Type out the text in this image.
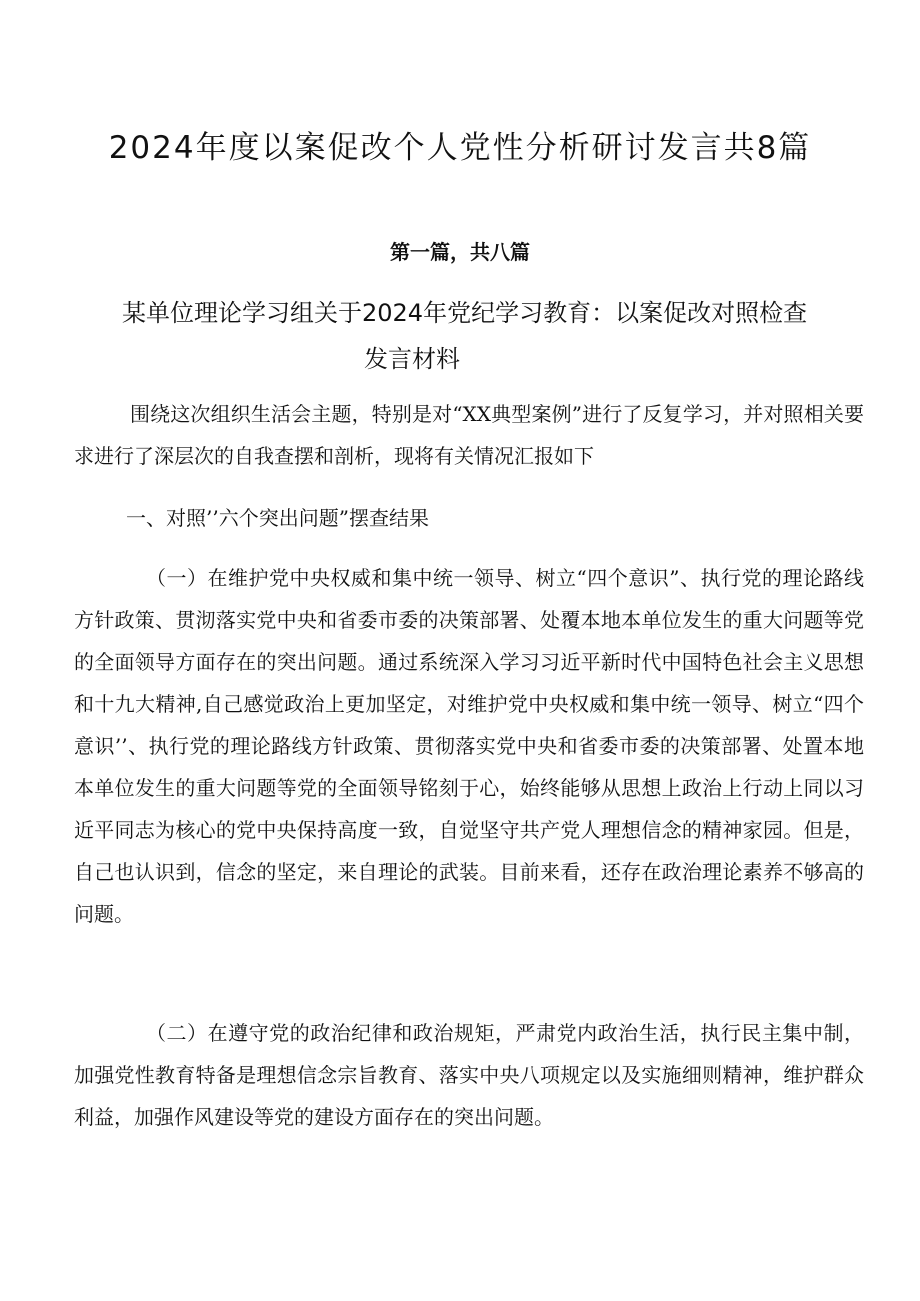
2024年度以案促改个人党性分析研讨发言共8篇
第一篇，共八篇
某单位理论学习组关于2024年党纪学习教育：以案促改对照检查
发言材料

围绕这次组织生活会主题，特别是对“XX典型案例”进行了反复学习，并对照相关要求进行了深层次的自我查摆和剖析，现将有关情况汇报如下

一、对照’’六个突出问题”摆查结果

（一）在维护党中央权威和集中统一领导、树立“四个意识”、执行党的理论路线方针政策、贯沏落实党中央和省委市委的决策部署、处覆本地本单位发生的重大问题等党的全面领导方面存在的突出问题。通过系统深入学习习近平新时代中国特色社会主义思想和十九大精神,自己感觉政治上更加坚定，对维护党中央权威和集中统一领导、树立“四个意识’’、执行党的理论路线方针政策、贯彻落实党中央和省委市委的决策部署、处置本地本单位发生的重大问题等党的全面领导铭刻于心，始终能够从思想上政治上行动上同以习近平同志为核心的党中央保持高度一致，自觉坚守共产党人理想信念的精神家园。但是，自己也认识到，信念的坚定，来自理论的武装。目前来看，还存在政治理论素养不够高的问题。

（二）在遵守党的政治纪律和政治规矩，严肃党内政治生活，执行民主集中制，加强党性教育特备是理想信念宗旨教育、落实中央八项规定以及实施细则精神，维护群众利益，加强作风建设等党的建设方面存在的突出问题。
